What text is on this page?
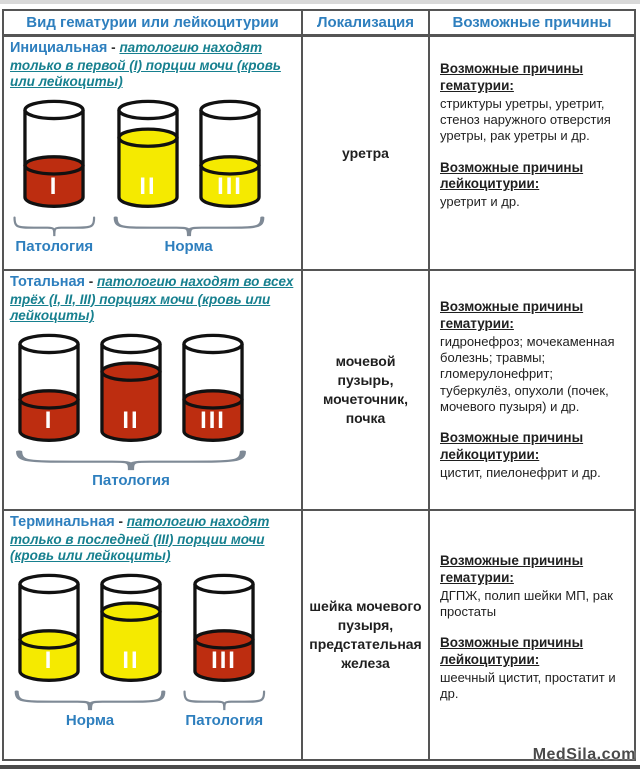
Вид гематурии или лейкоцитурии	Локализация	Возможные причины
Инициальная - патологию находят только в первой (I) порции мочи (кровь или лейкоциты)
I
Патология
II III
Норма
уретра
Возможные причины гематурии:
стриктуры уретры, уретрит, стеноз наружного отверстия уретры, рак уретры и др.
Возможные причины лейкоцитурии:
уретрит и др.
Тотальная - патологию находят во всех трёх (I, II, III) порциях мочи (кровь или лейкоциты)
I II III
Патология
мочевой пузырь, мочеточник, почка
Возможные причины гематурии:
гидронефроз; мочекаменная болезнь; травмы; гломерулонефрит; туберкулёз, опухоли (почек, мочевого пузыря) и др.
Возможные причины лейкоцитурии:
цистит, пиелонефрит и др.
Терминальная - патологию находят только в последней (III) порции мочи (кровь или лейкоциты)
I II
Норма
III
Патология
шейка мочевого пузыря, предстательная железа
Возможные причины гематурии:
ДГПЖ, полип шейки МП, рак простаты
Возможные причины лейкоцитурии:
шеечный цистит, простатит и др.
MedSila.com
